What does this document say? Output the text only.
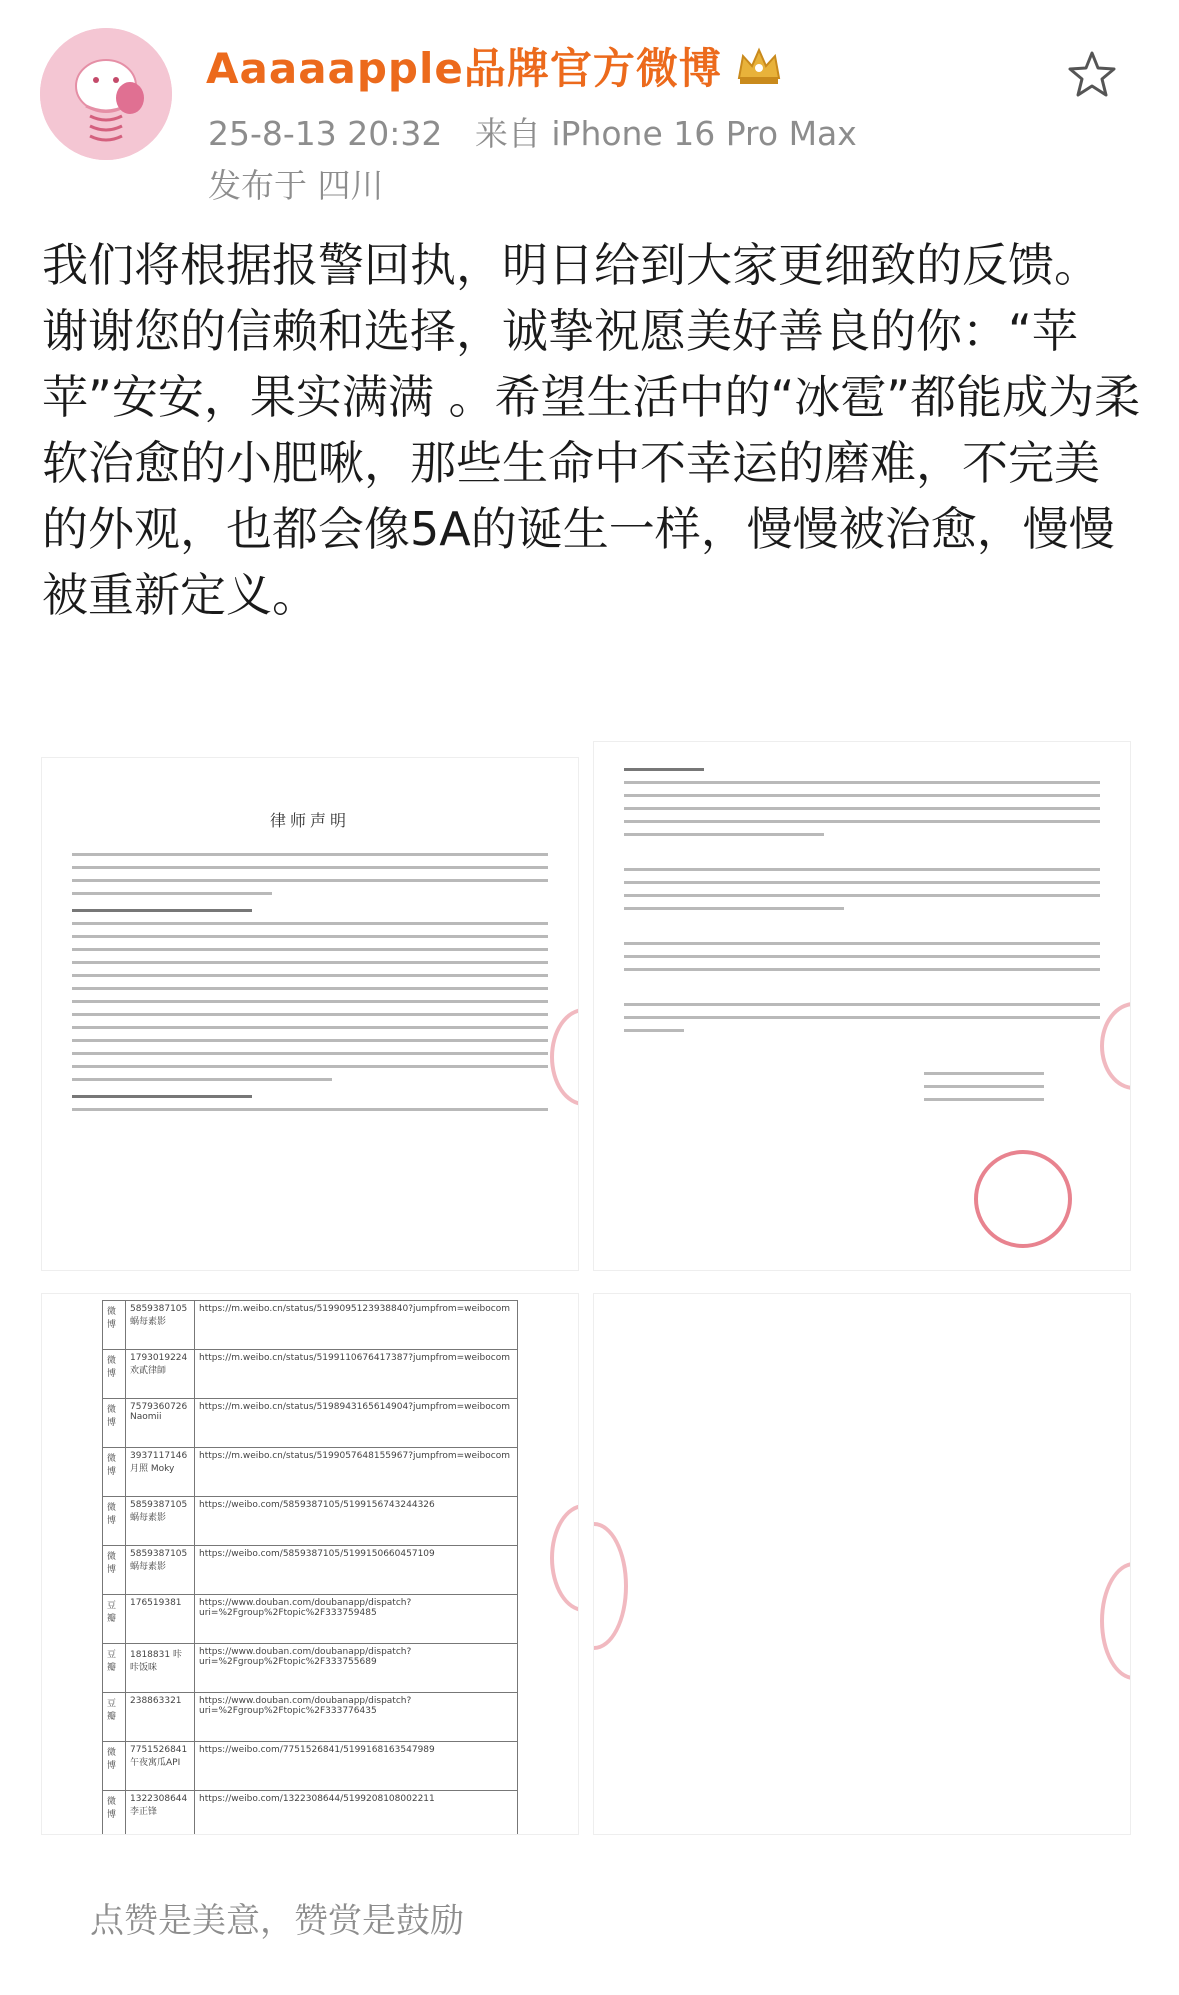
Aaaaapple品牌官方微博
25-8-13 20:32 来自 iPhone 16 Pro Max
发布于 四川

我们将根据报警回执，明日给到大家更细致的反馈。

谢谢您的信赖和选择，诚挚祝愿美好善良的你：“苹苹”安安，果实满满 。希望生活中的“冰雹”都能成为柔软治愈的小肥啾，那些生命中不幸运的磨难，不完美的外观，也都会像5A的诞生一样，慢慢被治愈，慢慢被重新定义。

律师声明
微博	5859387105 蜗每素影	https://m.weibo.cn/status/5199095123938840?jumpfrom=weibocom
微博	1793019224 欢貳律師	https://m.weibo.cn/status/5199110676417387?jumpfrom=weibocom
微博	7579360726 Naomii	https://m.weibo.cn/status/5198943165614904?jumpfrom=weibocom
微博	3937117146 月照 Moky	https://m.weibo.cn/status/5199057648155967?jumpfrom=weibocom
微博	5859387105 蜗每素影	https://weibo.com/5859387105/5199156743244326
微博	5859387105 蜗每素影	https://weibo.com/5859387105/5199150660457109
豆瓣	176519381	https://www.douban.com/doubanapp/dispatch?uri=%2Fgroup%2Ftopic%2F333759485
豆瓣	1818831 咔咔饭咪	https://www.douban.com/doubanapp/dispatch?uri=%2Fgroup%2Ftopic%2F333755689
豆瓣	238863321	https://www.douban.com/doubanapp/dispatch?uri=%2Fgroup%2Ftopic%2F333776435
微博	7751526841 午夜寓瓜API	https://weibo.com/7751526841/5199168163547989
微博	1322308644 李正锋	https://weibo.com/1322308644/5199208108002211
点赞是美意，赞赏是鼓励
